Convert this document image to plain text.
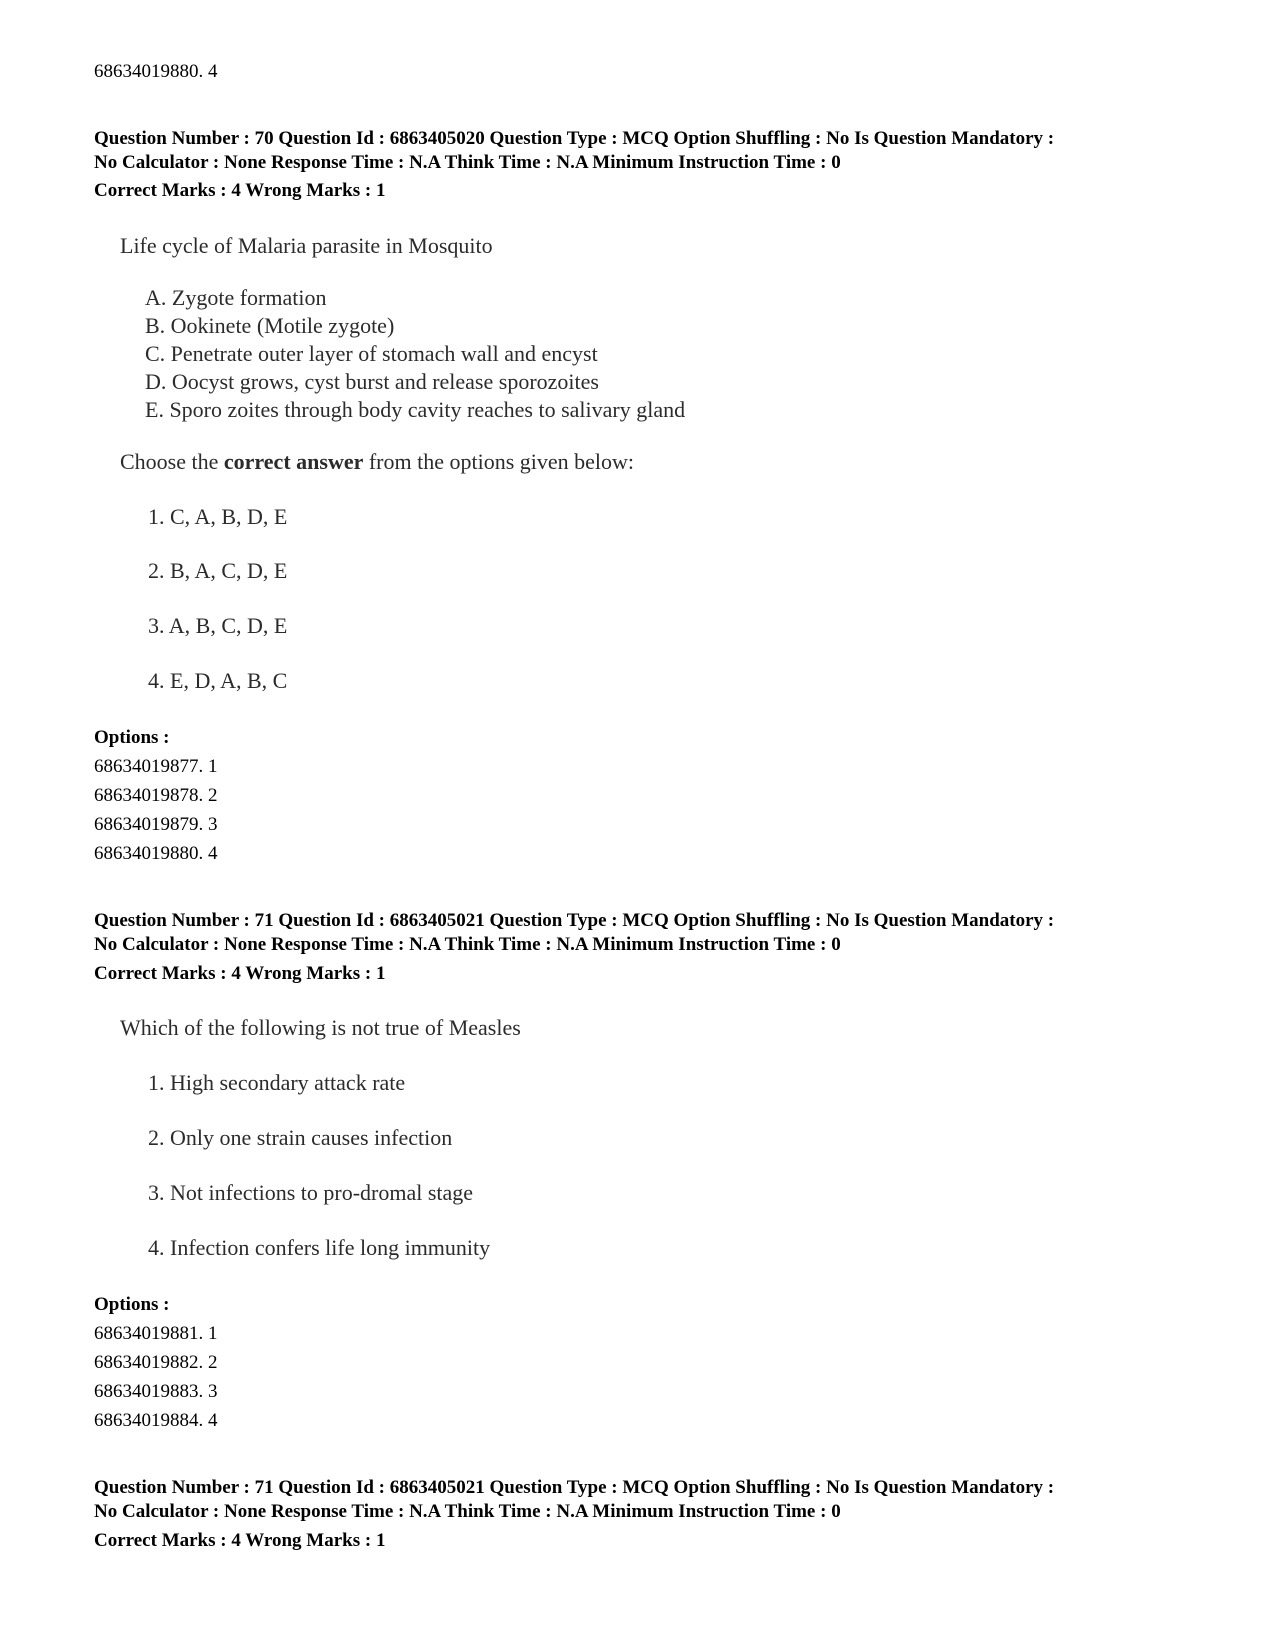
68634019880. 4
Question Number : 70 Question Id : 6863405020 Question Type : MCQ Option Shuffling : No Is Question Mandatory :
No Calculator : None Response Time : N.A Think Time : N.A Minimum Instruction Time : 0
Correct Marks : 4 Wrong Marks : 1
Life cycle of Malaria parasite in Mosquito
A. Zygote formation
B. Ookinete (Motile zygote)
C. Penetrate outer layer of stomach wall and encyst
D. Oocyst grows, cyst burst and release sporozoites
E. Sporo zoites through body cavity reaches to salivary gland
Choose the correct answer from the options given below:
1. C, A, B, D, E
2. B, A, C, D, E
3. A, B, C, D, E
4. E, D, A, B, C
Options :
68634019877. 1
68634019878. 2
68634019879. 3
68634019880. 4
Question Number : 71 Question Id : 6863405021 Question Type : MCQ Option Shuffling : No Is Question Mandatory :
No Calculator : None Response Time : N.A Think Time : N.A Minimum Instruction Time : 0
Correct Marks : 4 Wrong Marks : 1
Which of the following is not true of Measles
1. High secondary attack rate
2. Only one strain causes infection
3. Not infections to pro-dromal stage
4. Infection confers life long immunity
Options :
68634019881. 1
68634019882. 2
68634019883. 3
68634019884. 4
Question Number : 71 Question Id : 6863405021 Question Type : MCQ Option Shuffling : No Is Question Mandatory :
No Calculator : None Response Time : N.A Think Time : N.A Minimum Instruction Time : 0
Correct Marks : 4 Wrong Marks : 1
